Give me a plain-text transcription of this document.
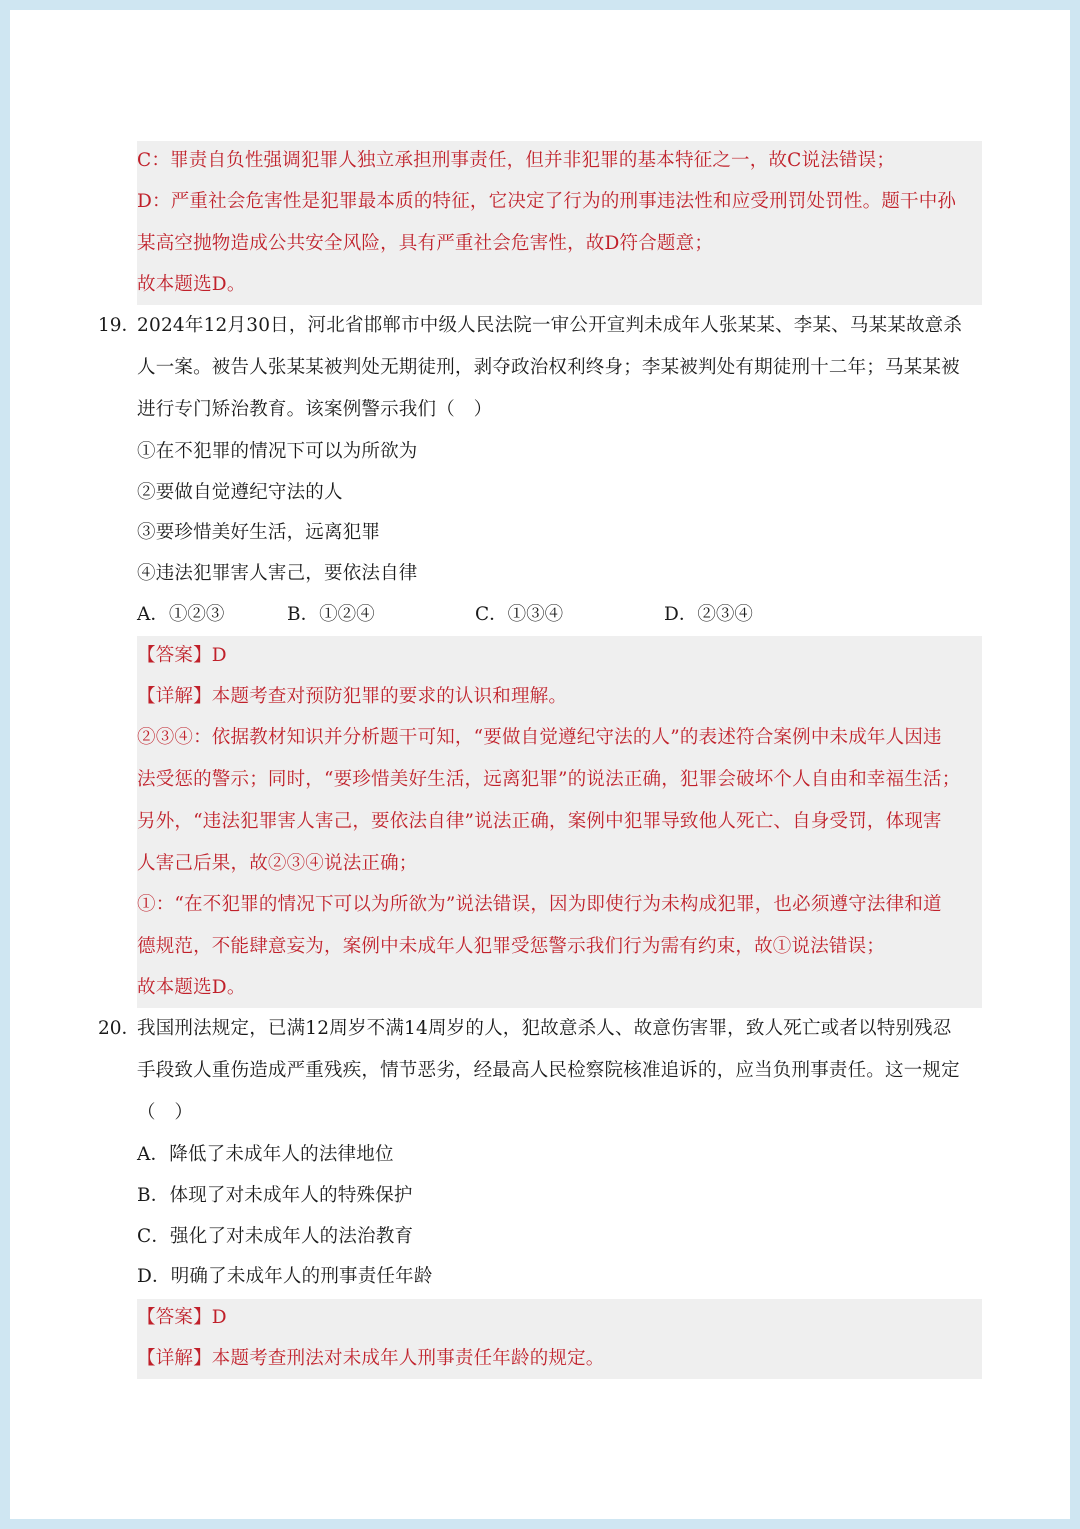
C：罪责自负性强调犯罪人独立承担刑事责任，但并非犯罪的基本特征之一，故C说法错误；
D：严重社会危害性是犯罪最本质的特征，它决定了行为的刑事违法性和应受刑罚处罚性。题干中孙
某高空抛物造成公共安全风险，具有严重社会危害性，故D符合题意；
故本题选D。
19．
2024年12月30日，河北省邯郸市中级人民法院一审公开宣判未成年人张某某、李某、马某某故意杀
人一案。被告人张某某被判处无期徒刑，剥夺政治权利终身；李某被判处有期徒刑十二年；马某某被
进行专门矫治教育。该案例警示我们（　）
①在不犯罪的情况下可以为所欲为
②要做自觉遵纪守法的人
③要珍惜美好生活，远离犯罪
④违法犯罪害人害己，要依法自律
A．①②③	B．①②④	C．①③④	D．②③④
【答案】D
【详解】本题考查对预防犯罪的要求的认识和理解。
②③④：依据教材知识并分析题干可知，“要做自觉遵纪守法的人”的表述符合案例中未成年人因违
法受惩的警示；同时，“要珍惜美好生活，远离犯罪”的说法正确，犯罪会破坏个人自由和幸福生活；
另外，“违法犯罪害人害己，要依法自律”说法正确，案例中犯罪导致他人死亡、自身受罚，体现害
人害己后果，故②③④说法正确；
①：“在不犯罪的情况下可以为所欲为”说法错误，因为即使行为未构成犯罪，也必须遵守法律和道
德规范，不能肆意妄为，案例中未成年人犯罪受惩警示我们行为需有约束，故①说法错误；
故本题选D。
20．
我国刑法规定，已满12周岁不满14周岁的人，犯故意杀人、故意伤害罪，致人死亡或者以特别残忍
手段致人重伤造成严重残疾，情节恶劣，经最高人民检察院核准追诉的，应当负刑事责任。这一规定
（　）
A．降低了未成年人的法律地位
B．体现了对未成年人的特殊保护
C．强化了对未成年人的法治教育
D．明确了未成年人的刑事责任年龄
【答案】D
【详解】本题考查刑法对未成年人刑事责任年龄的规定。
